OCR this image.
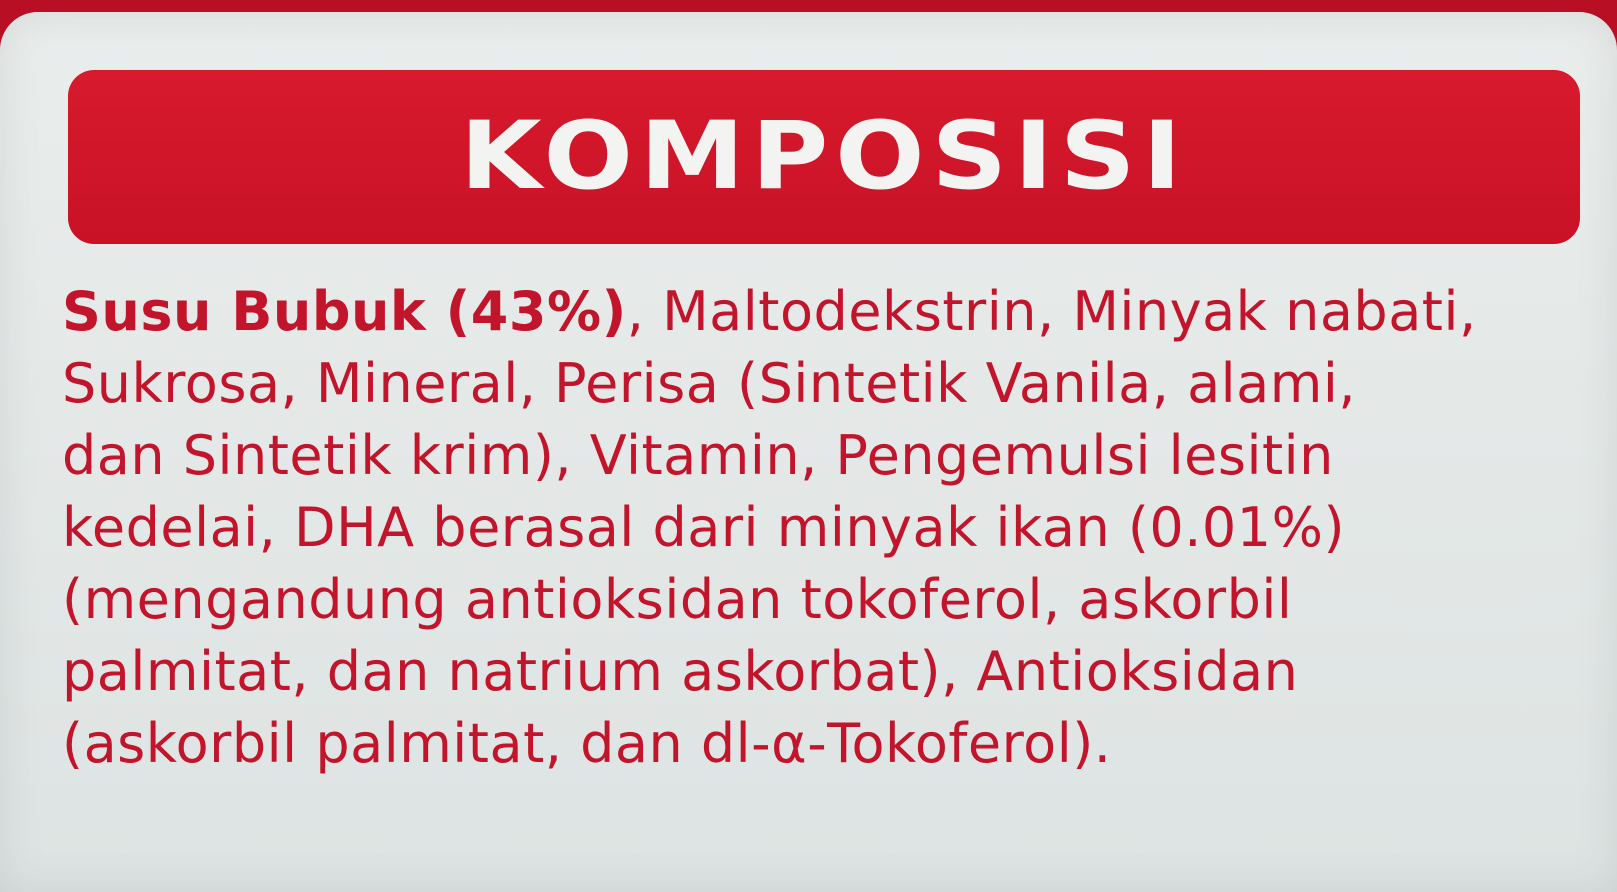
KOMPOSISI
Susu Bubuk (43%), Maltodekstrin, Minyak nabati,
Sukrosa, Mineral, Perisa (Sintetik Vanila, alami,
dan Sintetik krim), Vitamin, Pengemulsi lesitin
kedelai, DHA berasal dari minyak ikan (0.01%)
(mengandung antioksidan tokoferol, askorbil
palmitat, dan natrium askorbat), Antioksidan
(askorbil palmitat, dan dl-α-Tokoferol).
